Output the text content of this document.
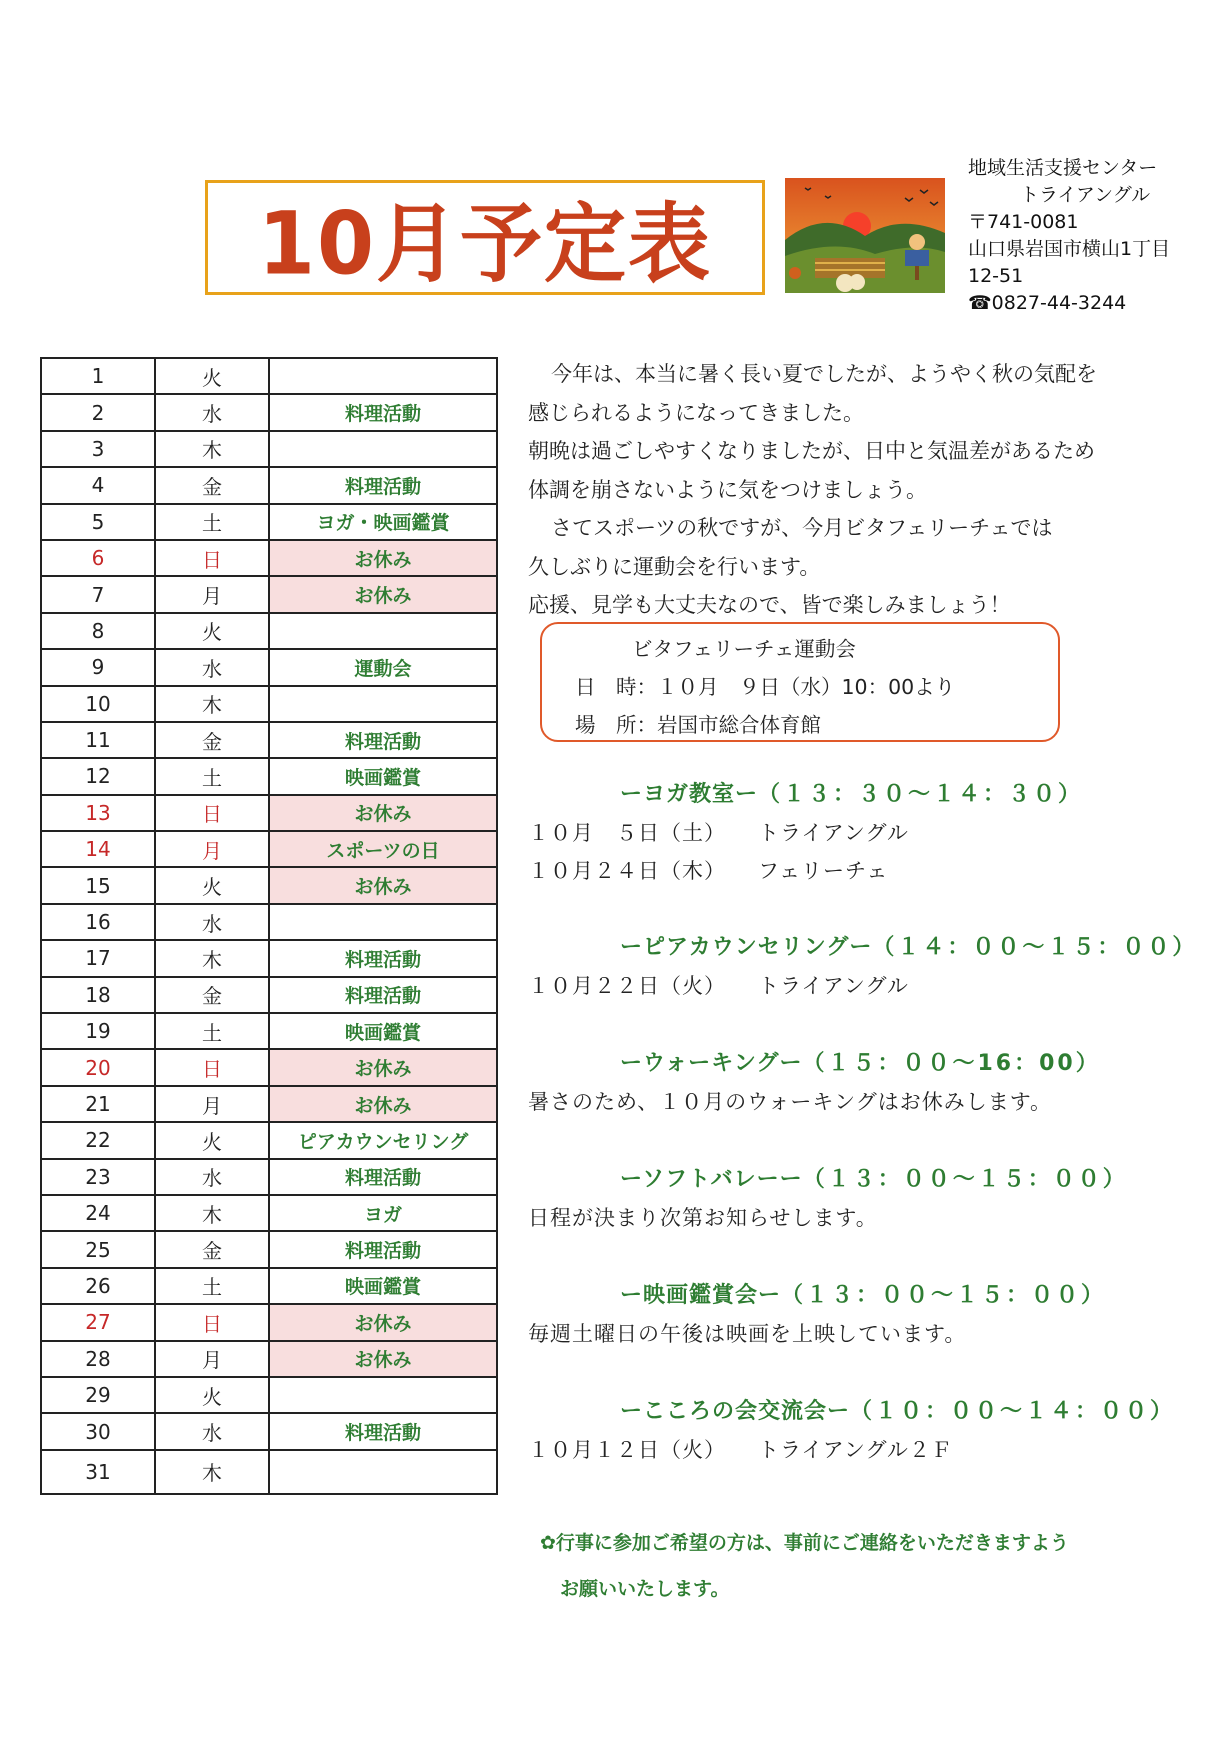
10月予定表
地域生活支援センター
トライアングル
〒741-0081
山口県岩国市横山1丁目
12-51
☎0827-44-3244
1	火	
2	水	料理活動
3	木	
4	金	料理活動
5	土	ヨガ・映画鑑賞
6	日	お休み
7	月	お休み
8	火	
9	水	運動会
10	木	
11	金	料理活動
12	土	映画鑑賞
13	日	お休み
14	月	スポーツの日
15	火	お休み
16	水	
17	木	料理活動
18	金	料理活動
19	土	映画鑑賞
20	日	お休み
21	月	お休み
22	火	ピアカウンセリング
23	水	料理活動
24	木	ヨガ
25	金	料理活動
26	土	映画鑑賞
27	日	お休み
28	月	お休み
29	火	
30	水	料理活動
31	木	

今年は、本当に暑く長い夏でしたが、ようやく秋の気配を

感じられるようになってきました。

朝晩は過ごしやすくなりましたが、日中と気温差があるため

体調を崩さないように気をつけましょう。

さてスポーツの秋ですが、今月ビタフェリーチェでは

久しぶりに運動会を行います。

応援、見学も大丈夫なので、皆で楽しみましょう！

ビタフェリーチェ運動会
日　時：１０月　９日（水）10：00より
場　所：岩国市総合体育館
ーヨガ教室ー（１３：３０～１４：３０）
１０月　５日（土） トライアングル
１０月２４日（木） フェリーチェ
ーピアカウンセリングー（１４：００～１５：００）
１０月２２日（火） トライアングル
ーウォーキングー（１５：００～16：00）
暑さのため、１０月のウォーキングはお休みします。
ーソフトバレーー（１３：００～１５：００）
日程が決まり次第お知らせします。
ー映画鑑賞会ー（１３：００～１５：００）
毎週土曜日の午後は映画を上映しています。
ーこころの会交流会ー（１０：００～１４：００）
１０月１２日（火） トライアングル２Ｆ
✿行事に参加ご希望の方は、事前にご連絡をいただきますよう
お願いいたします。
